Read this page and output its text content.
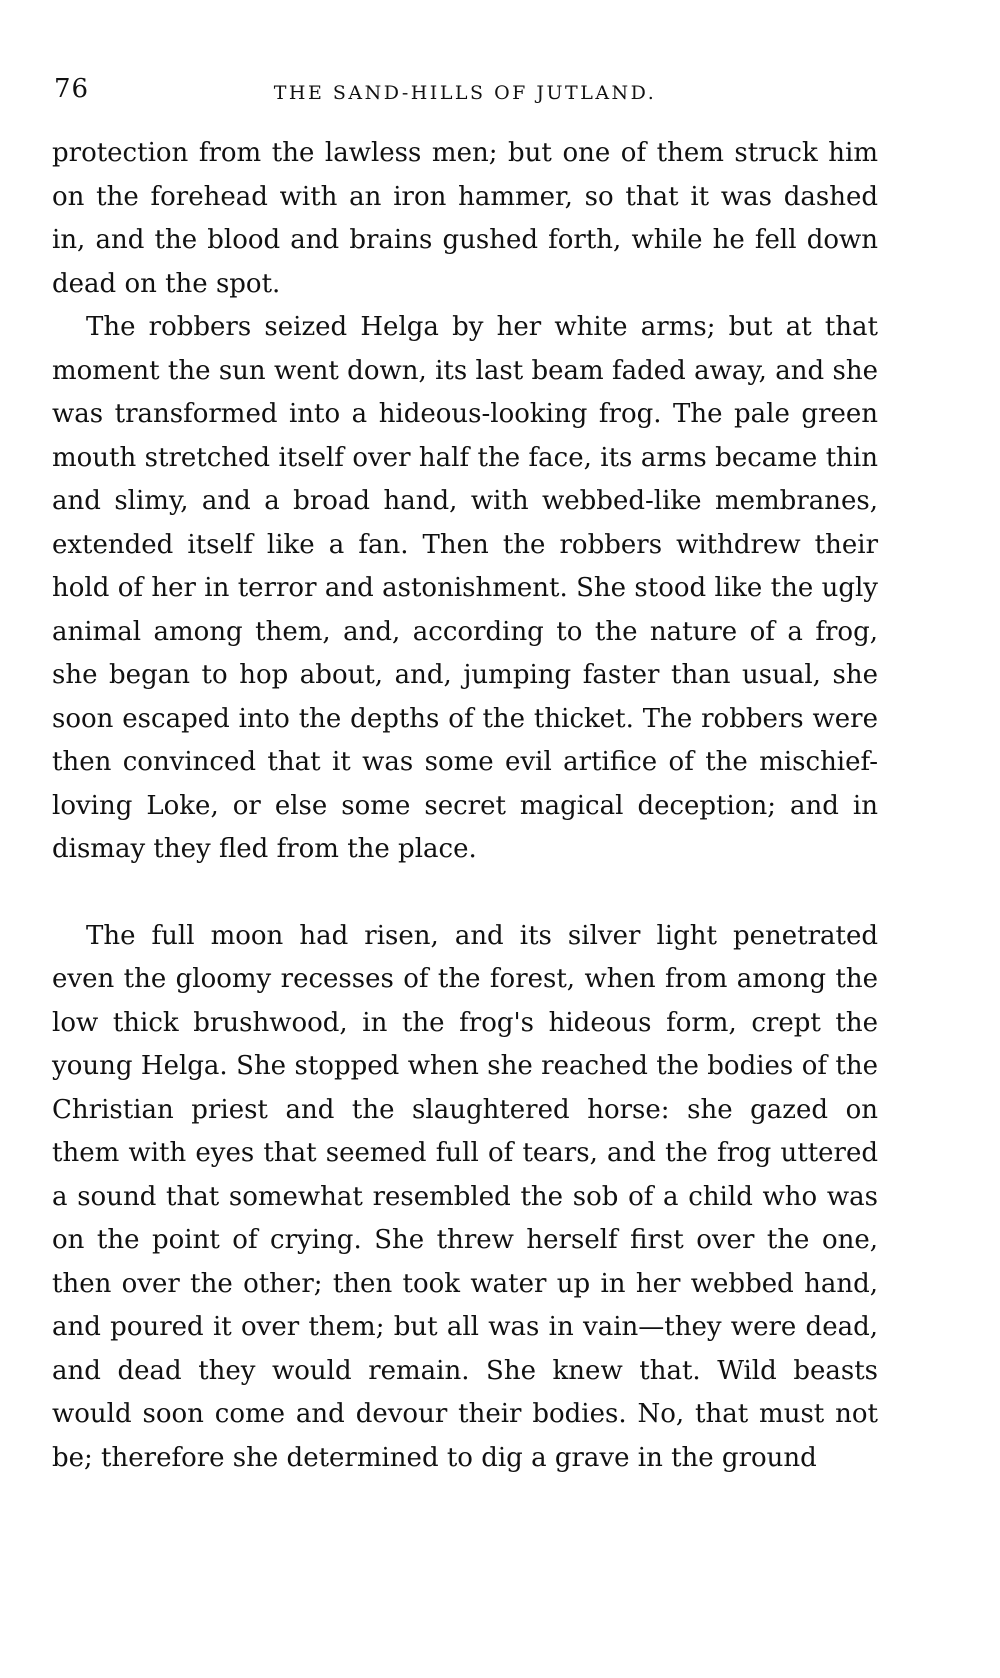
76	THE SAND-HILLS OF JUTLAND.

protection from the lawless men; but one of them struck him on the forehead with an iron hammer, so that it was dashed in, and the blood and brains gushed forth, while he fell down dead on the spot.

The robbers seized Helga by her white arms; but at that moment the sun went down, its last beam faded away, and she was transformed into a hideous-looking frog. The pale green mouth stretched itself over half the face, its arms became thin and slimy, and a broad hand, with webbed-like membranes, extended itself like a fan. Then the robbers withdrew their hold of her in terror and astonishment. She stood like the ugly animal among them, and, according to the nature of a frog, she began to hop about, and, jumping faster than usual, she soon escaped into the depths of the thicket. The robbers were then convinced that it was some evil artifice of the mischief-loving Loke, or else some secret magical deception; and in dismay they fled from the place.

The full moon had risen, and its silver light penetrated even the gloomy recesses of the forest, when from among the low thick brushwood, in the frog's hideous form, crept the young Helga. She stopped when she reached the bodies of the Christian priest and the slaughtered horse: she gazed on them with eyes that seemed full of tears, and the frog uttered a sound that somewhat resembled the sob of a child who was on the point of crying. She threw herself first over the one, then over the other; then took water up in her webbed hand, and poured it over them; but all was in vain—they were dead, and dead they would remain. She knew that. Wild beasts would soon come and devour their bodies. No, that must not be; therefore she determined to dig a grave in the ground
